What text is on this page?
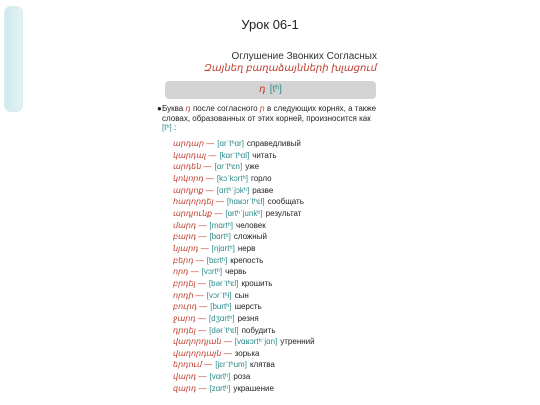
Урок 06-1
Оглушение Звонких Согласных
Զայնեղ բաղաձայնների խլացում
դ [tʰ]
● Буква դ после согласного ր в следующих корнях, а также словах, образованных от этих корней, произносится как [tʰ] :
արդար — [ ɑrˈtʰɑr ] справедливый
կարդալ — [ kɑrˈtʰɑl ] читать
արդեն — [ ɑrˈtʰɛn ] уже
կոկորդ — [ kɔˈkɔrtʰ ] горло
արդյոք — [ ɑrtʰˈjɔkʰ ] разве
հաղորդել — [ hɑʁɔrˈtʰɛl ] сообщать
արդյունք — [ ɑrtʰˈjunkʰ ] результат
մարդ — [ mɑrtʰ ] человек
բարդ — [ bɑrtʰ ] сложный
նյարդ — [ njɑrtʰ ] нерв
բերդ — [ bɛrtʰ ] крепость
որդ — [ vɔrtʰ ] червь
բրդել — [ bərˈtʰɛl ] крошить
որդի — [ vɔrˈtʰi ] сын
բուրդ — [ burtʰ ] шерсть
ջարդ — [ dʒɑrtʰ ] резня
դրդել — [ dərˈtʰɛl ] побудить
վաղորդյան — [ vɑʁɔrtʰˈjɑn ] утренний
վաղորդայն — зорька
երդում — [ jɛrˈtʰum ] клятва
վարդ — [ vɑrtʰ ] роза
զարդ — [ zɑrtʰ ] украшение
